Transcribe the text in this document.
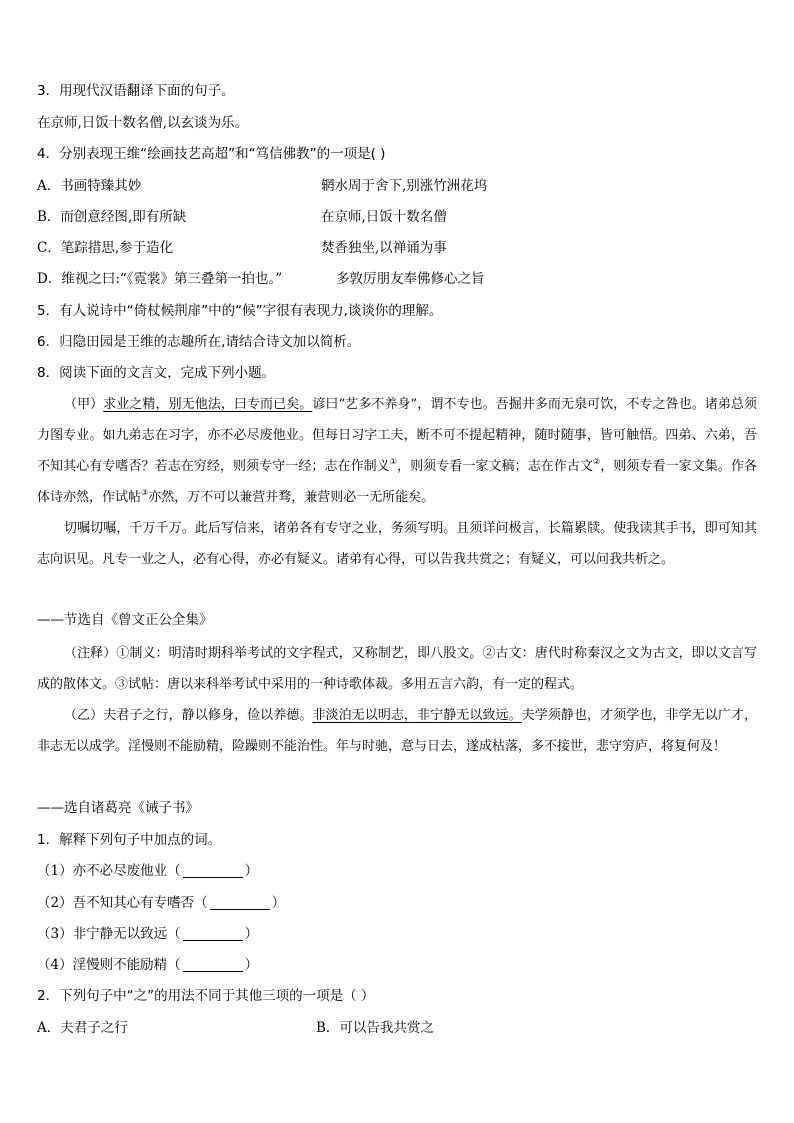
3．用现代汉语翻译下面的句子。
在京师,日饭十数名僧,以玄谈为乐。
4．分别表现王维“绘画技艺高超”和“笃信佛教”的一项是( )
A．书画特臻其妙	辋水周于舍下,别涨竹洲花坞
B．而创意经图,即有所缺	在京师,日饭十数名僧
C．笔踪措思,参于造化	焚香独坐,以禅诵为事
D．维视之曰:“《霓裳》第三叠第一拍也。”	多敦厉朋友奉佛修心之旨
5．有人说诗中“倚杖候荆扉”中的“候”字很有表现力,谈谈你的理解。
6．归隐田园是王维的志趣所在,请结合诗文加以简析。
8．阅读下面的文言文，完成下列小题。
（甲）求业之精，别无他法，曰专而已矣。谚曰“艺多不养身”，谓不专也。吾掘井多而无泉可饮，不专之咎也。诸弟总须力图专业。如九弟志在习字，亦不必尽废他业。但每日习字工夫，断不可不提起精神，随时随事，皆可触悟。四弟、六弟，吾不知其心有专嗜否？若志在穷经，则须专守一经；志在作制义①，则须专看一家文稿；志在作古文②，则须专看一家文集。作各体诗亦然，作试帖③亦然，万不可以兼营并骛，兼营则必一无所能矣。
切嘱切嘱，千万千万。此后写信来，诸弟各有专守之业，务须写明。且须详问极言，长篇累牍。使我读其手书，即可知其志向识见。凡专一业之人，必有心得，亦必有疑义。诸弟有心得，可以告我共赏之；有疑义，可以问我共析之。
——节选自《曾文正公全集》
（注释）①制义：明清时期科举考试的文字程式，又称制艺，即八股文。②古文：唐代时称秦汉之文为古文，即以文言写成的散体文。③试帖：唐以来科举考试中采用的一种诗歌体裁。多用五言六韵，有一定的程式。
（乙）夫君子之行，静以修身，俭以养德。非淡泊无以明志，非宁静无以致远。夫学须静也，才须学也，非学无以广才，非志无以成学。淫慢则不能励精，险躁则不能治性。年与时驰，意与日去，遂成枯落，多不接世，悲守穷庐，将复何及！
——选自诸葛亮《诫子书》
1．解释下列句子中加点的词。
（1）亦不必尽废他业（	）
（2）吾不知其心有专嗜否（	）
（3）非宁静无以致远（	）
（4）淫慢则不能励精（	）
2．下列句子中“之”的用法不同于其他三项的一项是（ ）
A．夫君子之行	B．可以告我共赏之
